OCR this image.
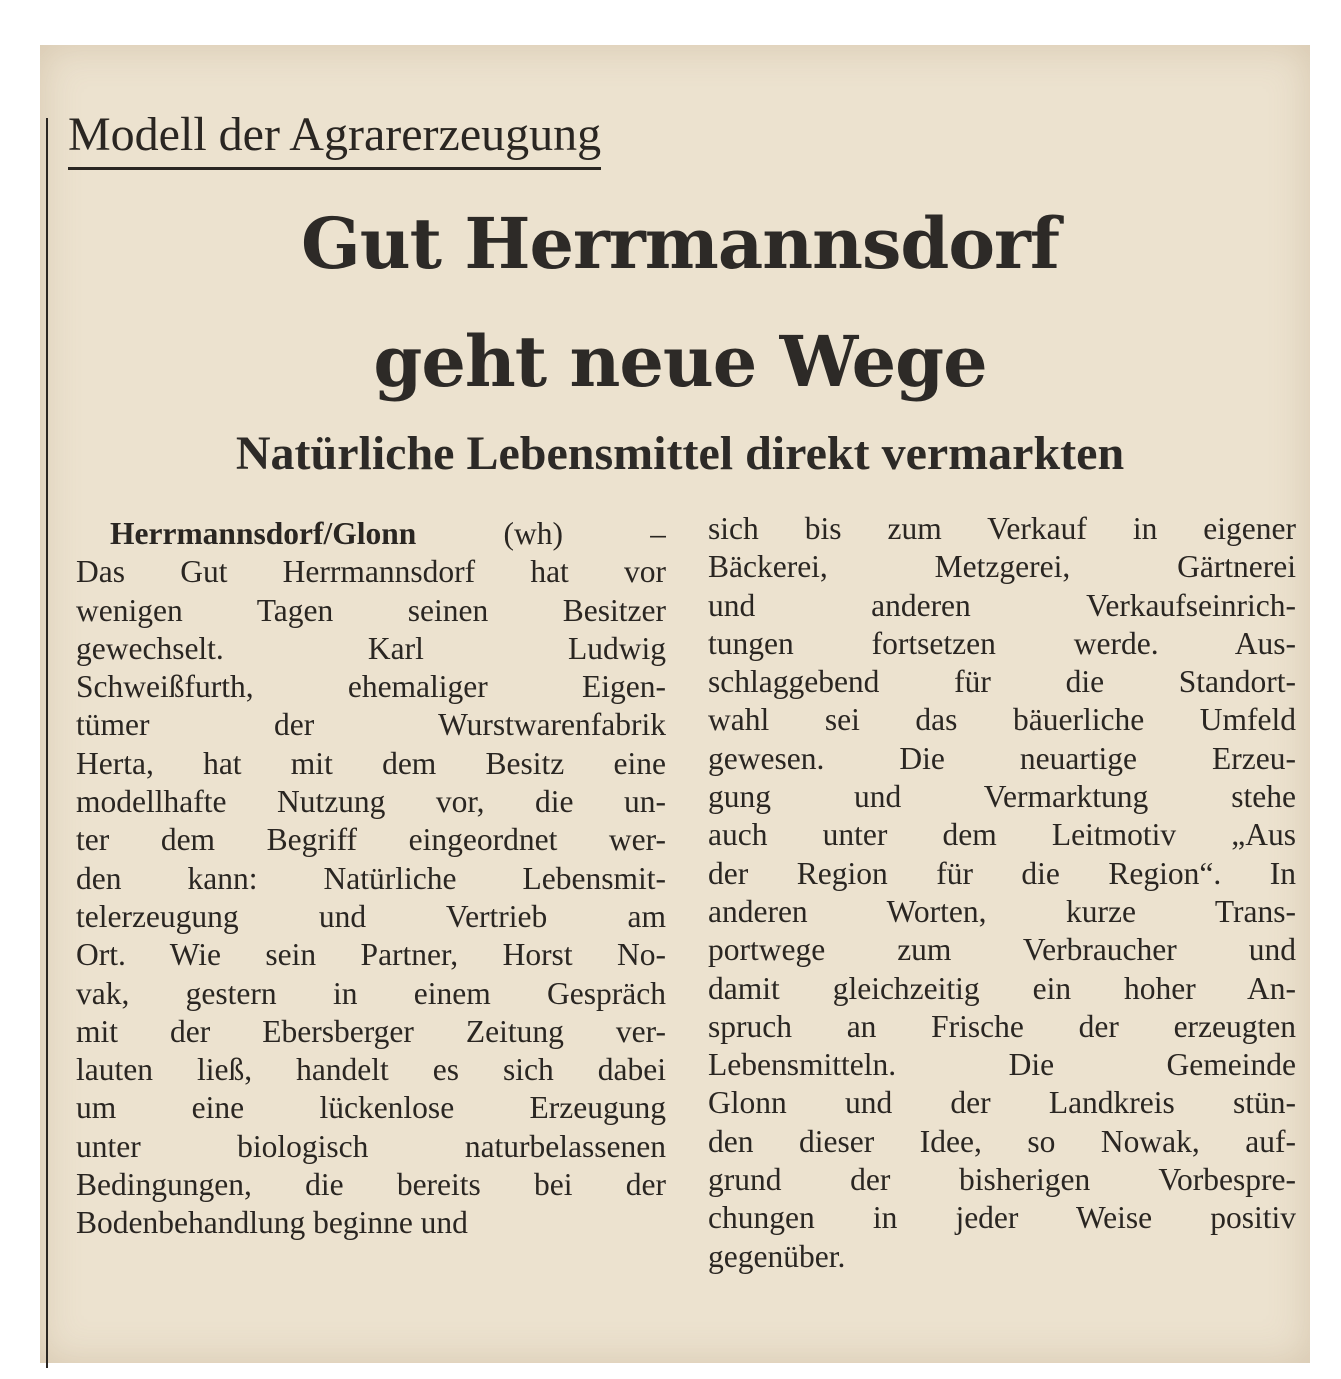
Modell der Agrarerzeugung
Gut Herrmannsdorf
geht neue Wege
Natürliche Lebensmittel direkt vermarkten
Herrmannsdorf/Glonn	(wh) –
Das Gut Herrmannsdorf hat vor
wenigen Tagen seinen Besitzer
gewechselt. Karl Ludwig
Schweißfurth, ehemaliger Eigen-
tümer der Wurstwarenfabrik
Herta, hat mit dem Besitz eine
modellhafte Nutzung vor, die un-
ter dem Begriff eingeordnet wer-
den kann: Natürliche Lebensmit-
telerzeugung und Vertrieb am
Ort. Wie sein Partner, Horst No-
vak, gestern in einem Gespräch
mit der Ebersberger Zeitung ver-
lauten ließ, handelt es sich dabei
um eine lückenlose Erzeugung
unter biologisch naturbelassenen
Bedingungen, die bereits bei der
Bodenbehandlung beginne und
sich bis zum Verkauf in eigener
Bäckerei, Metzgerei, Gärtnerei
und anderen Verkaufseinrich-
tungen fortsetzen werde. Aus-
schlaggebend für die Standort-
wahl sei das bäuerliche Umfeld
gewesen. Die neuartige Erzeu-
gung und Vermarktung stehe
auch unter dem Leitmotiv „Aus
der Region für die Region“. In
anderen Worten, kurze Trans-
portwege zum Verbraucher und
damit gleichzeitig ein hoher An-
spruch an Frische der erzeugten
Lebensmitteln. Die Gemeinde
Glonn und der Landkreis stün-
den dieser Idee, so Nowak, auf-
grund der bisherigen Vorbespre-
chungen in jeder Weise positiv
gegenüber.
